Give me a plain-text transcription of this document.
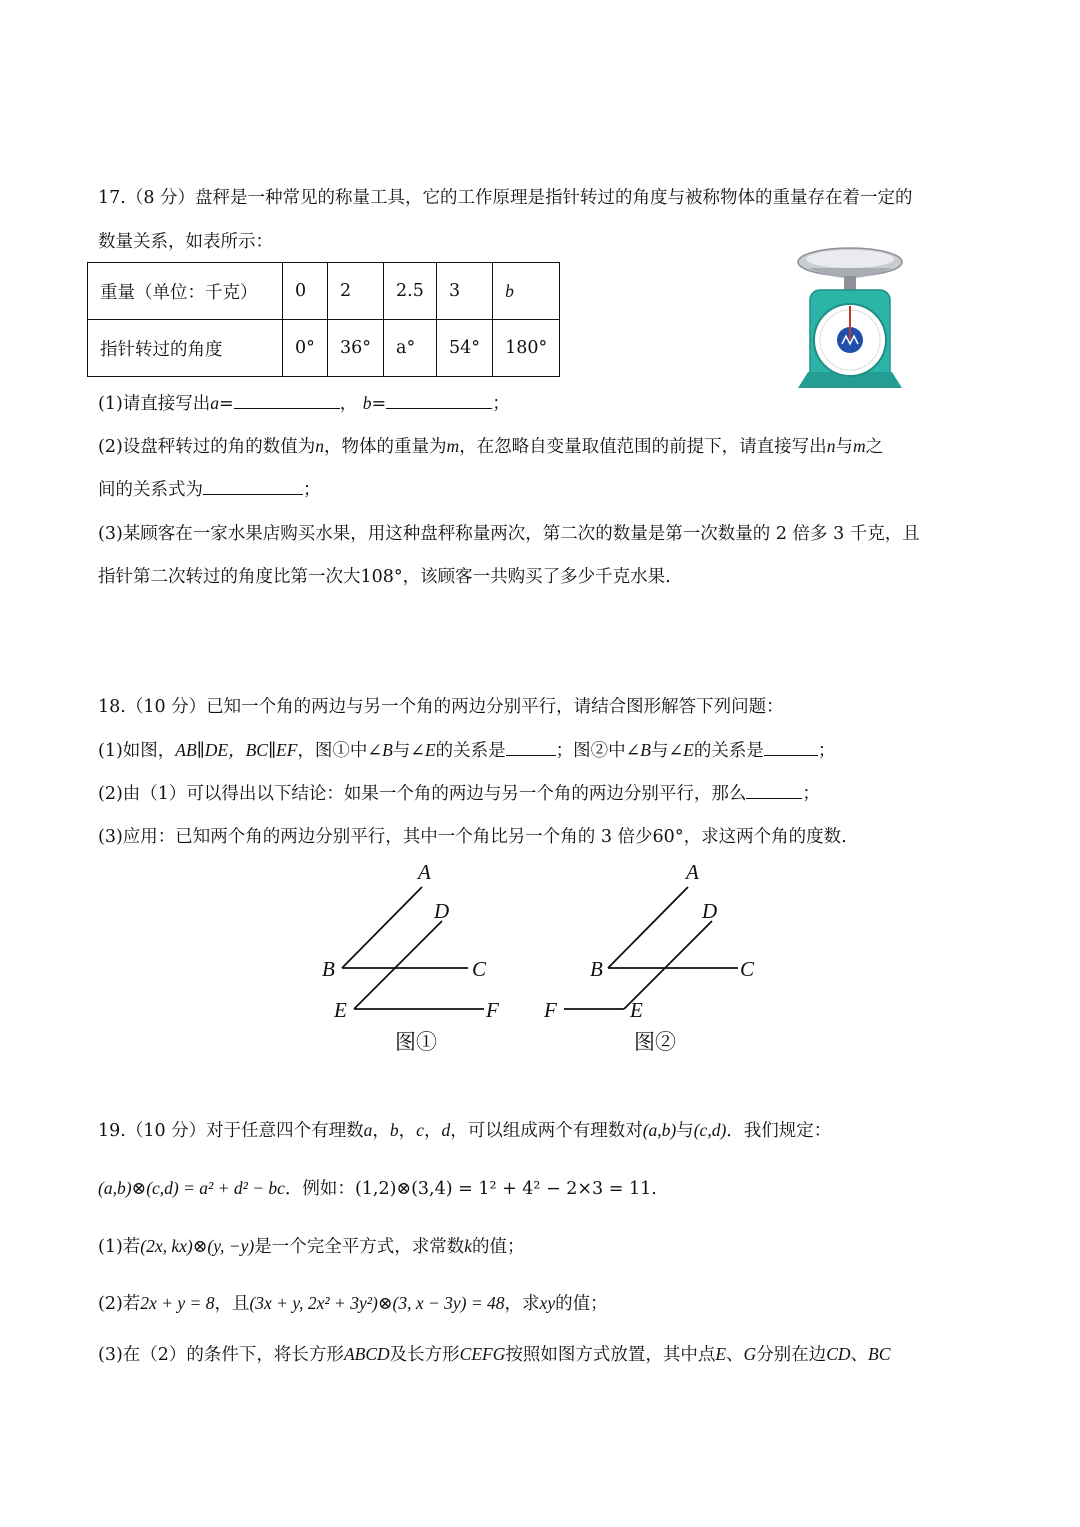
17.（8 分）盘秤是一种常见的称量工具，它的工作原理是指针转过的角度与被称物体的重量存在着一定的
数量关系，如表所示：
重量（单位：千克）	0	2	2.5	3	b
指针转过的角度	0°	36°	a°	54°	180°
(1)请直接写出a=	， b=	；
(2)设盘秤转过的角的数值为n，物体的重量为m，在忽略自变量取值范围的前提下，请直接写出n与m之
间的关系式为	；
(3)某顾客在一家水果店购买水果，用这种盘秤称量两次，第二次的数量是第一次数量的 2 倍多 3 千克，且
指针第二次转过的角度比第一次大108°，该顾客一共购买了多少千克水果.
18.（10 分）已知一个角的两边与另一个角的两边分别平行，请结合图形解答下列问题：
(1)如图，AB∥DE，BC∥EF，图①中∠B与∠E的关系是	；图②中∠B与∠E的关系是	；
(2)由（1）可以得出以下结论：如果一个角的两边与另一个角的两边分别平行，那么	；
(3)应用：已知两个角的两边分别平行，其中一个角比另一个角的 3 倍少60°，求这两个角的度数.
A
D
B	C
E	F
图①
A
D
B	C
E
F
图②
19.（10 分）对于任意四个有理数a，b，c，d，可以组成两个有理数对(a,b)与(c,d)．我们规定：
(a,b)⊗(c,d) = a² + d² − bc．例如：(1,2)⊗(3,4) = 1² + 4² − 2×3 = 11.
(1)若(2x, kx)⊗(y, −y)是一个完全平方式，求常数k的值；
(2)若2x + y = 8，且(3x + y, 2x² + 3y²)⊗(3, x − 3y) = 48，求xy的值；
(3)在（2）的条件下，将长方形ABCD及长方形CEFG按照如图方式放置，其中点E、G分别在边CD、BC
